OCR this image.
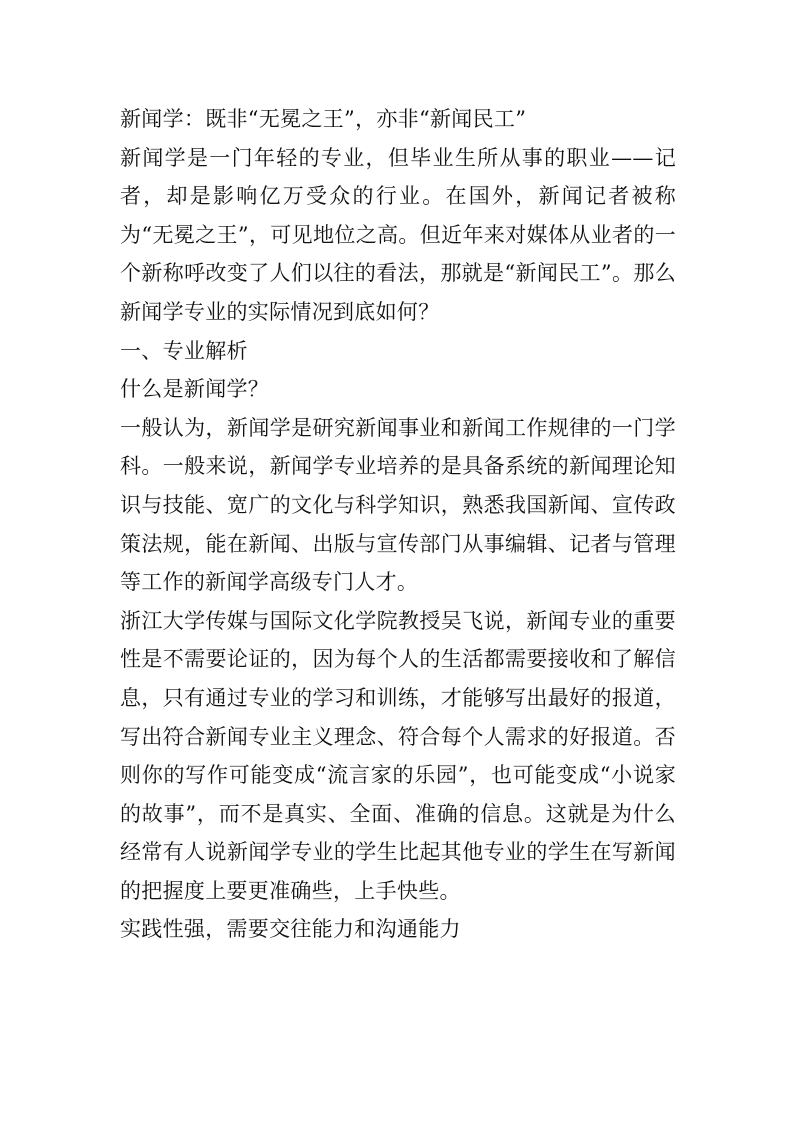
新闻学：既非“无冕之王”，亦非“新闻民工”

新闻学是一门年轻的专业，但毕业生所从事的职业——记者，却是影响亿万受众的行业。在国外，新闻记者被称为“无冕之王”，可见地位之高。但近年来对媒体从业者的一个新称呼改变了人们以往的看法，那就是“新闻民工”。那么新闻学专业的实际情况到底如何？

一、专业解析

什么是新闻学？

一般认为，新闻学是研究新闻事业和新闻工作规律的一门学科。一般来说，新闻学专业培养的是具备系统的新闻理论知识与技能、宽广的文化与科学知识，熟悉我国新闻、宣传政策法规，能在新闻、出版与宣传部门从事编辑、记者与管理等工作的新闻学高级专门人才。

浙江大学传媒与国际文化学院教授吴飞说，新闻专业的重要性是不需要论证的，因为每个人的生活都需要接收和了解信息，只有通过专业的学习和训练，才能够写出最好的报道，写出符合新闻专业主义理念、符合每个人需求的好报道。否则你的写作可能变成“流言家的乐园”，也可能变成“小说家的故事”，而不是真实、全面、准确的信息。这就是为什么经常有人说新闻学专业的学生比起其他专业的学生在写新闻的把握度上要更准确些，上手快些。

实践性强，需要交往能力和沟通能力
